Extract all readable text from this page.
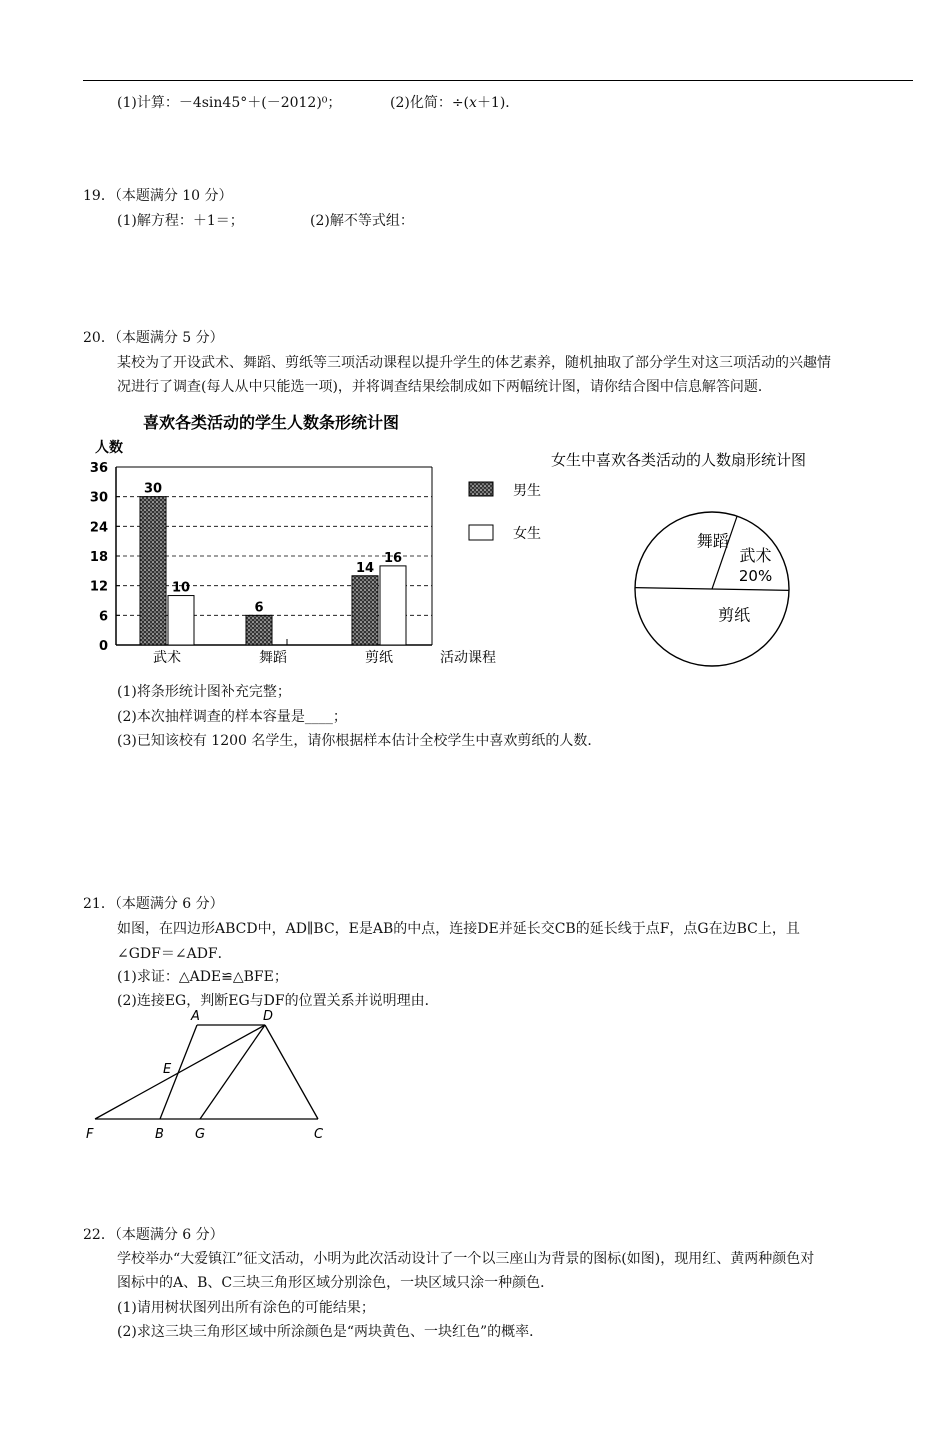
(1)计算：－4sin45°＋(－2012)⁰；	(2)化简：÷(x＋1)．
19．（本题满分 10 分）
(1)解方程：＋1＝；	(2)解不等式组：
20．（本题满分 5 分）
某校为了开设武术、舞蹈、剪纸等三项活动课程以提升学生的体艺素养，随机抽取了部分学生对这三项活动的兴趣情
况进行了调查(每人从中只能选一项)，并将调查结果绘制成如下两幅统计图，请你结合图中信息解答问题．
喜欢各类活动的学生人数条形统计图
人数
0
6
12
18
24
30
36
30
10
6
14
16
武术	舞蹈	剪纸	活动课程
男生
女生
女生中喜欢各类活动的人数扇形统计图
武术
20%
剪纸
舞蹈
(1)将条形统计图补充完整；
(2)本次抽样调查的样本容量是____；
(3)已知该校有 1200 名学生，请你根据样本估计全校学生中喜欢剪纸的人数．
21．（本题满分 6 分）
如图，在四边形ABCD中，AD∥BC，E是AB的中点，连接DE并延长交CB的延长线于点F，点G在边BC上，且
∠GDF＝∠ADF．
(1)求证：△ADE≌△BFE；
(2)连接EG，判断EG与DF的位置关系并说明理由．
A	D
E
F	B G	C
22．（本题满分 6 分）
学校举办“大爱镇江”征文活动，小明为此次活动设计了一个以三座山为背景的图标(如图)，现用红、黄两种颜色对
图标中的A、B、C三块三角形区域分别涂色，一块区域只涂一种颜色．
(1)请用树状图列出所有涂色的可能结果；
(2)求这三块三角形区域中所涂颜色是“两块黄色、一块红色”的概率．
